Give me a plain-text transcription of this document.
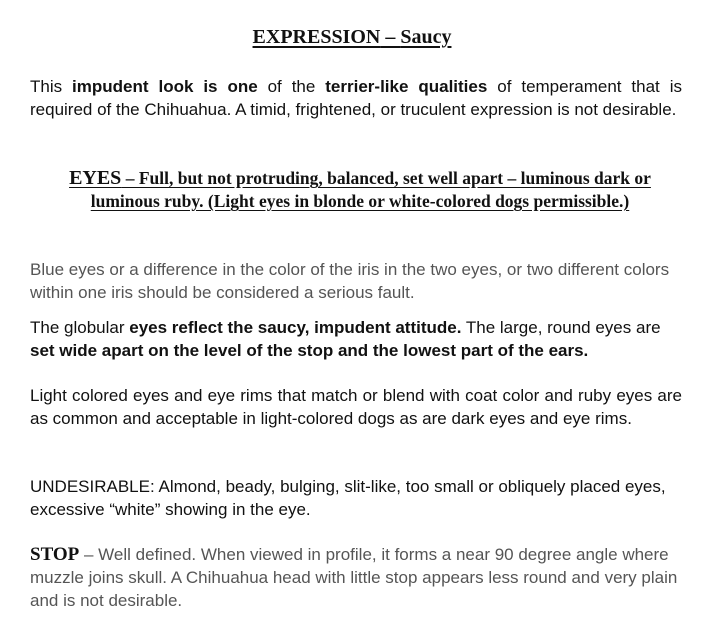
EXPRESSION – Saucy

This impudent look is one of the terrier-like qualities of temperament that is required of the Chihuahua. A timid, frightened, or truculent expression is not desirable.

EYES – Full, but not protruding, balanced, set well apart – luminous dark or luminous ruby. (Light eyes in blonde or white-colored dogs permissible.)

Blue eyes or a difference in the color of the iris in the two eyes, or two different colors within one iris should be considered a serious fault.

The globular eyes reflect the saucy, impudent attitude. The large, round eyes are set wide apart on the level of the stop and the lowest part of the ears.

Light colored eyes and eye rims that match or blend with coat color and ruby eyes are as common and acceptable in light-colored dogs as are dark eyes and eye rims.

UNDESIRABLE: Almond, beady, bulging, slit-like, too small or obliquely placed eyes, excessive “white” showing in the eye.

STOP – Well defined. When viewed in profile, it forms a near 90 degree angle where muzzle joins skull. A Chihuahua head with little stop appears less round and very plain and is not desirable.
